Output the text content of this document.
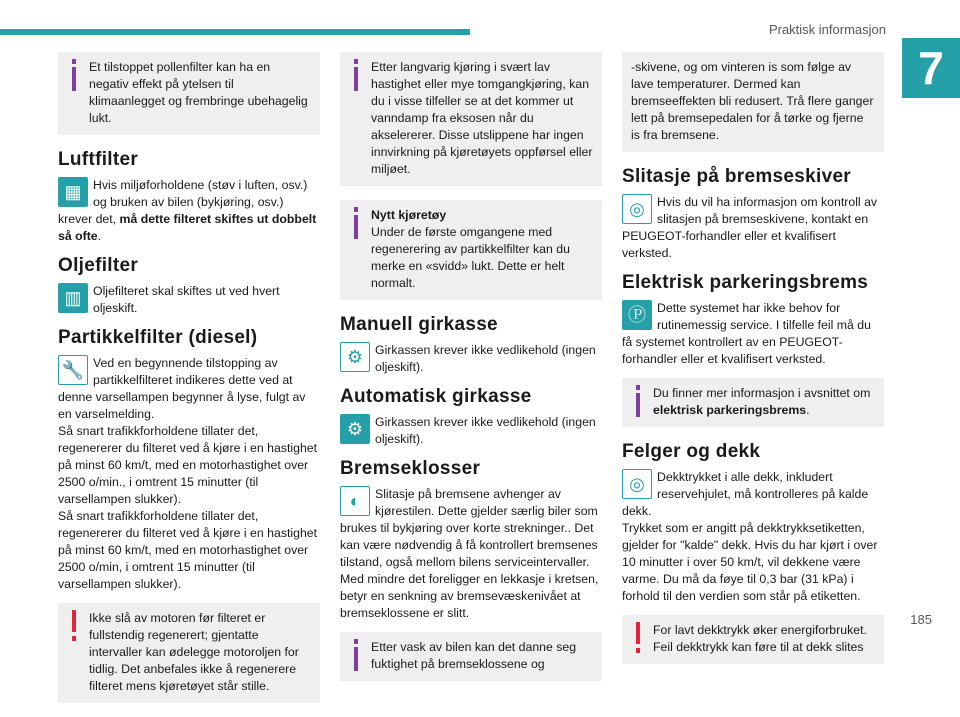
Praktisk informasjon
7
Et tilstoppet pollenfilter kan ha en negativ effekt på ytelsen til klimaanlegget og frembringe ubehagelig lukt.
Luftfilter
▦ Hvis miljøforholdene (støv i luften, osv.) og bruken av bilen (bykjøring, osv.) krever det, må dette filteret skiftes ut dobbelt så ofte.

Oljefilter
▥ Oljefilteret skal skiftes ut ved hvert oljeskift.

Partikkelfilter (diesel)
🔧 Ved en begynnende tilstopping av partikkelfilteret indikeres dette ved at denne varsellampen begynner å lyse, fulgt av en varselmelding.

Så snart trafikkforholdene tillater det, regenererer du filteret ved å kjøre i en hastighet på minst 60 km/t, med en motorhastighet over 2500 o/min., i omtrent 15 minutter (til varsellampen slukker).

Så snart trafikkforholdene tillater det, regenererer du filteret ved å kjøre i en hastighet på minst 60 km/t, med en motorhastighet over 2500 o/min, i omtrent 15 minutter (til varsellampen slukker).

Ikke slå av motoren før filteret er fullstendig regenerert; gjentatte intervaller kan ødelegge motoroljen for tidlig. Det anbefales ikke å regenerere filteret mens kjøretøyet står stille.
Etter langvarig kjøring i svært lav hastighet eller mye tomgangkjøring, kan du i visse tilfeller se at det kommer ut vanndamp fra eksosen når du akselererer. Disse utslippene har ingen innvirkning på kjøretøyets oppførsel eller miljøet.
Nytt kjøretøy
Under de første omgangene med regenerering av partikkelfilter kan du merke en «svidd» lukt. Dette er helt normalt.
Manuell girkasse
⚙ Girkassen krever ikke vedlikehold (ingen oljeskift).

Automatisk girkasse
⚙ Girkassen krever ikke vedlikehold (ingen oljeskift).

Bremseklosser
◐	Slitasje på bremsene avhenger av kjørestilen. Dette gjelder særlig biler som brukes til bykjøring over korte strekninger.. Det kan være nødvendig å få kontrollert bremsenes tilstand, også mellom bilens serviceintervaller. Med mindre det foreligger en lekkasje i kretsen, betyr en senkning av bremsevæskenivået at bremseklossene er slitt.

Etter vask av bilen kan det danne seg fuktighet på bremseklossene og
-skivene, og om vinteren is som følge av lave temperaturer. Dermed kan bremseeffekten bli redusert. Trå flere ganger lett på bremsepedalen for å tørke og fjerne is fra bremsene.
Slitasje på bremseskiver
◎ Hvis du vil ha informasjon om kontroll av slitasjen på bremseskivene, kontakt en PEUGEOT-forhandler eller et kvalifisert verksted.

Elektrisk parkeringsbrems
Ⓟ Dette systemet har ikke behov for rutinemessig service. I tilfelle feil må du få systemet kontrollert av en PEUGEOT-forhandler eller et kvalifisert verksted.

Du finner mer informasjon i avsnittet om elektrisk parkeringsbrems.
Felger og dekk
◎ Dekktrykket i alle dekk, inkludert reservehjulet, må kontrolleres på kalde dekk.

Trykket som er angitt på dekktrykksetiketten, gjelder for "kalde" dekk. Hvis du har kjørt i over 10 minutter i over 50 km/t, vil dekkene være varme. Du må da føye til 0,3 bar (31 kPa) i forhold til den verdien som står på etiketten.

For lavt dekktrykk øker energiforbruket. Feil dekktrykk kan føre til at dekk slites
185
